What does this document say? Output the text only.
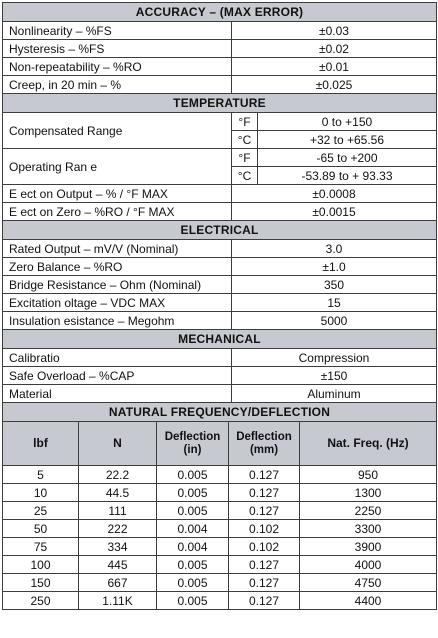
ACCURACY – (MAX ERROR)		
Nonlinearity – %FS	±0.03	
Hysteresis – %FS	±0.02	
Non-repeatability – %RO	±0.01	
Creep, in 20 min – %	±0.025	
TEMPERATURE		
Compensated Range	°F	0 to +150
	°C	+32 to +65.56
Operating Ran e	°F	-65 to +200
	°C	-53.89 to + 93.33
E ect on Output – % / °F MAX	±0.0008	
E ect on Zero – %RO / °F MAX	±0.0015	
ELECTRICAL		
Rated Output – mV/V (Nominal)	3.0	
Zero Balance – %RO	±1.0	
Bridge Resistance – Ohm (Nominal)	350	
Excitation oltage – VDC MAX	15	
Insulation esistance – Megohm	5000	
MECHANICAL		
Calibratio	Compression	
Safe Overload – %CAP	±150	
Material	Aluminum	
NATURAL FREQUENCY/DEFLECTION				
lbf	N	Deflection (in)	Deflection (mm)	Nat. Freq. (Hz)
5	22.2	0.005	0.127	950
10	44.5	0.005	0.127	1300
25	111	0.005	0.127	2250
50	222	0.004	0.102	3300
75	334	0.004	0.102	3900
100	445	0.005	0.127	4000
150	667	0.005	0.127	4750
250	1.11K	0.005	0.127	4400
